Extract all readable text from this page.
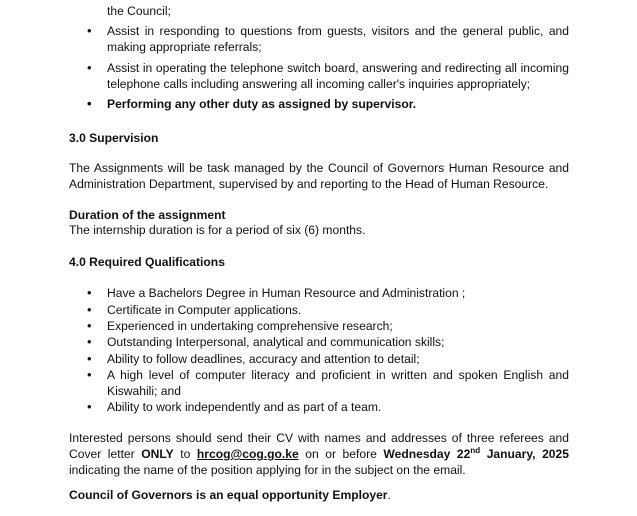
the Council;
• Assist in responding to questions from guests, visitors and the general public, and making appropriate referrals;
• Assist in operating the telephone switch board, answering and redirecting all incoming telephone calls including answering all incoming caller's inquiries appropriately;
• Performing any other duty as assigned by supervisor.
3.0 Supervision
The Assignments will be task managed by the Council of Governors Human Resource and Administration Department, supervised by and reporting to the Head of Human Resource.
Duration of the assignment
The internship duration is for a period of six (6) months.
4.0 Required Qualifications
• Have a Bachelors Degree in Human Resource and Administration ;
• Certificate in Computer applications.
• Experienced in undertaking comprehensive research;
• Outstanding Interpersonal, analytical and communication skills;
• Ability to follow deadlines, accuracy and attention to detail;
• A high level of computer literacy and proficient in written and spoken English and Kiswahili; and
• Ability to work independently and as part of a team.
Interested persons should send their CV with names and addresses of three referees and Cover letter ONLY to hrcog@cog.go.ke on or before Wednesday 22nd January, 2025 indicating the name of the position applying for in the subject on the email.
Council of Governors is an equal opportunity Employer.
